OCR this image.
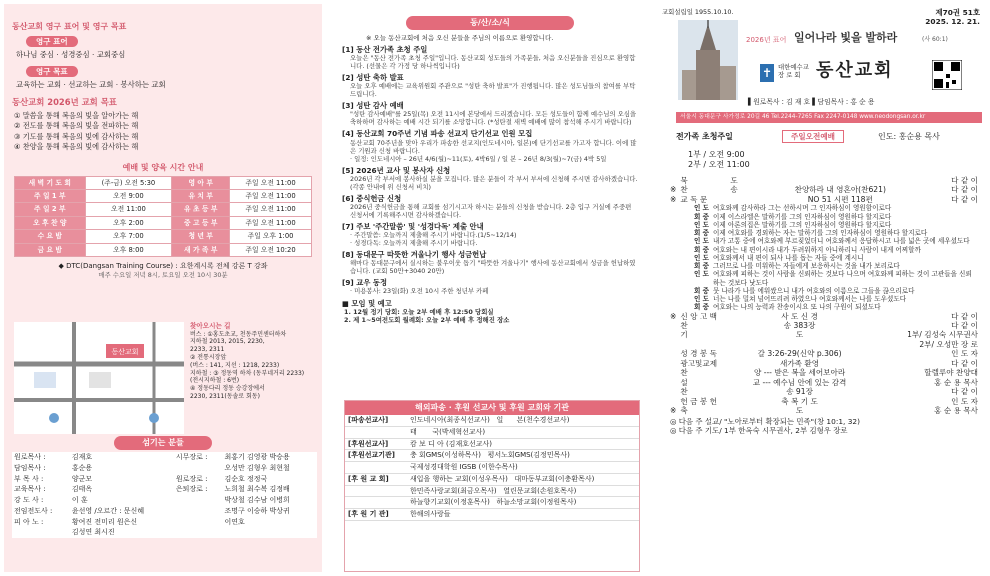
동산교회 영구 표어 및 영구 목표
영구 표어
하나님 중심 · 성경중심 · 교회중심
영구 목표
교육하는 교회 · 선교하는 교회 · 봉사하는 교회
동산교회 2026년 교회 목표
① 말씀을 통해 복음의 빛을 알아가는 해
② 전도를 통해 복음의 빛을 전파하는 해
③ 기도를 통해 복음의 빛에 감사하는 해
④ 찬양을 통해 복음의 빛에 감사하는 해
예배 및 양육 시간 안내
새 벽 기 도 회	(주-금) 오전 5:30	영 아 부	주일 오전 11:00
주 일 1 부	오전 9:00	유 치 부	주일 오전 11:00
주 일 2 부	오전 11:00	유 초 등 부	주일 오전 11:00
오 후 찬 양	오후 2:00	중 고 등 부	주일 오전 11:00
수 요 밤	오후 7:00	청 년 부	주일 오후 1:00
금 요 밤	오후 8:00	새 가 족 부	주일 오전 10:20
◆ DTC(Dangsan Training Course) : 요한계시록 전체 강론 T 강좌
매주 수요일 저녁 8시, 토요일 오전 10시 30분
동산교회
찾아오시는 길
버스 : ①홍도초교, 천동주민센터하차
지하철 2013, 2015, 2230,
2233, 2311
② 전통시장앞
(버스 : 141, 지선 : 1218, 2233)
지하철 : ③ 정동역 하차 (동부네거리 2233)
(전시지하철 : 6번)
④ 정동다리 정동 승강장에서
2230, 2311(동솔로 회동)
섬기는 분들
원로목사 :	김재호	시무장로 :	최홍기 김영광 박승용
담임목사 :	홍순용		오성만 김형우 최현철
부 목 사 :	양군모	원로장로 :	김순호 정정국
교육목사 :	김태옥	은퇴장로 :	노희철 최수복 김정배
강 도 사 :	이 훈		박상철 김수남 이병희
전임전도사 :	윤선영 /오르간 : 문신혜		조명구 이승하 박상귀
피 아 노 :	황여진 전미리 원은신		이연호
	김성연 최시진		
동/산/소/식
※ 오늘 동산교회에 처음 오신 분들을 주님의 이름으로 환영합니다.
[1] 동산 전가족 초청 주일
오늘은 "동산 전가족 초청 주일"입니다. 동산교회 성도들의 가족분들, 처음 오신분들을 진심으로 환영합니다. (선물은 각 가정 당 하나씩입니다)
[2] 성탄 축하 발표
오늘 오후 예배에는 교육위원회 주관으로 "성탄 축하 발표"가 진행됩니다. 많은 성도님들의 참여를 부탁드립니다.
[3] 성탄 감사 예배
"성탄 감사예배"를 25일(목) 오전 11시에 본당에서 드리겠습니다. 모든 성도들이 함께 예수님의 오심을 축하하며 감사하는 예배 시간 되기를 소망합니다. (*성탄절 새벽 예배에 많이 참석해 주시기 바랍니다)
[4] 동산교회 70주년 기념 파송 선교지 단기선교 인원 모집
동산교회 70주년을 맞아 우리가 파송한 선교지(인도네시아, 일본)에 단기선교를 가고자 합니다. 이에 많은 기원과 신청 바랍니다.
· 일정: 인도네시아 – 26년 4/6(월)~11(토), 4박6일 / 일 본 – 26년 8/3(월)~7(금) 4박 5일
[5] 2026년 교사 및 봉사자 신청
2026년 각 부서에 봉사하실 분을 모집니다. 많은 분들이 각 부서 부서에 신청해 주시면 감사하겠습니다. (각종 안내에 위 신청서 비치)
[6] 중식헌금 신청
2026년 중식헌금을 통해 교회를 섬기시고자 하시는 분들의 신청을 받습니다. 2층 입구 거실에 주중편 신청서에 기록해주시면 감사하겠습니다.
[7] 주보 '주간말씀' 및 '성경다독' 제출 안내
· 주간말씀: 오늘까지 제출해 주시기 바랍니다.(1/5~12/14)
· 성경다독: 오늘까지 제출해 주시기 바랍니다.
[8] 동대문구 따뜻한 겨울나기 행사 성금헌납
해마다 동대문구에서 실시하는 불우이웃 돕기 "따뜻한 겨울나기" 행사에 동산교회에서 성금을 헌납하였습니다. (교회 50만+3040 20만)
[9] 교우 동정
· 미용봉사: 23일(화) 오전 10시 주한 청년부 카페
■ 모임 및 예고
1. 12월 정기 당회: 오늘 2부 예배 후 12:50 당회실
2. 제 1~5여전도회 월례회: 오늘 2부 예배 후 정해진 장소
해외파송 · 후원 선교사 및 후원 교회와 기관
[파송선교사]	인도네시아(최종식선교사)   일      본(천수경선교사)
	태       국(박세혁선교사)
[후원선교사]	캄 보 디 아 (김재호선교사)
[후원선교기관]	충 회GMS(이성하목사)   평서노회GMS(김정민목사)
	국제성경대학원 IGSB (이한수목사)
[후 원 교 회]	새입을 행하는 교회(이성우목사)   대마동부교회(이충환목사)
	한민족사랑교회(최금오목사)   열린문교회(손원호목사)
	하늘향기교회(이정훈목사)   하늘소망교회(이정원목사)
[후 원 기 관]	한해의사랑들
교회설립일 1955.10.10.	제70권 51호
2025. 12. 21.
2026년 표어 일어나라 빛을 발하라	(사 60:1)
✝ 대한예수교
장 로 회 동산교회
▌원로목사 : 김 재 호 ▌담임목사 : 홍 순 용
서울시 동대문구 사가정로 20길 46 Tel.2244-7265 Fax 2247-0148 www.neodongsan.or.kr
전가족 초청주일	주일오전예배	인도: 홍순용 목사
1부 / 오전 9:00
2부 / 오전 11:00
	묵	도			다 같 이
※	찬	송		찬양하라 내 영혼아(찬621)	다 같 이
※	교 독 문			NO 51 시편 118편	다 같 이
인 도	여호와께 감사하라 그는 선하시며 그 인자하심이 영원함이로다
회 중	이제 이스라엘은 말하기를 그의 인자하심이 영원하다 할지로다
인 도	이제 아론의집은 말하기를 그의 인자하심이 영원하다 할지로다
회 중	이제 여호와를 경외하는 자는 말하기를 그의 인자하심이 영원하다 할지로다
인 도	내가 고통 중에 여호와께 부르짖었더니 여호와께서 응답하시고 나를 넓은 곳에 세우셨도다
회 중	여호와는 내 편이시라 내가 두려워하지 아니하리니 사람이 내게 어찌할까
인 도	여호와께서 내 편이 되사 나를 돕는 자들 중에 계시니
회 중	그러므로 나를 미워하는 자들에게 보응하시는 것을 내가 보리로다
인 도	여호와께 피하는 것이 사람을 신뢰하는 것보다 나으며 여호와께 피하는 것이 고관들을 신뢰하는 것보다 낫도다
회 중	뭇 나라가 나를 에워쌌으니 내가 여호와의 이름으로 그들을 끊으리로다
인 도	너는 나를 밀쳐 넘어뜨리려 하였으나 여호와께서는 나를 도우셨도다
회 중	여호와는 나의 능력과 찬송이시요 또 나의 구원이 되셨도다
※	신 앙 고 백	사 도 신 경	다 같 이
	찬	송 383장	다 같 이
	기	도	1부/ 김성숙 시무권사
			2부/ 오성만 장 로
	성 경 봉 독	갈 3:26-29(신약 p.306)	인 도 자
	광고및교제	새가족 환영	다 같 이
	찬	양 --- 받은 복을 세어보아라	할렐루야 찬양대
	설	교 --- 예수님 안에 있는 감격	홍 순 용 목사
	찬	송 91장	다 같 이
	헌 금 봉 헌	축 복 기 도	인 도 자
※	축	도	홍 순 용 목사
◎ 다음 주 설교/ "노아로부터 확장되는 민족"(창 10:1, 32)
◎ 다음 주 기도/ 1부 한옥숙 시무권사, 2부 김형우 장로
